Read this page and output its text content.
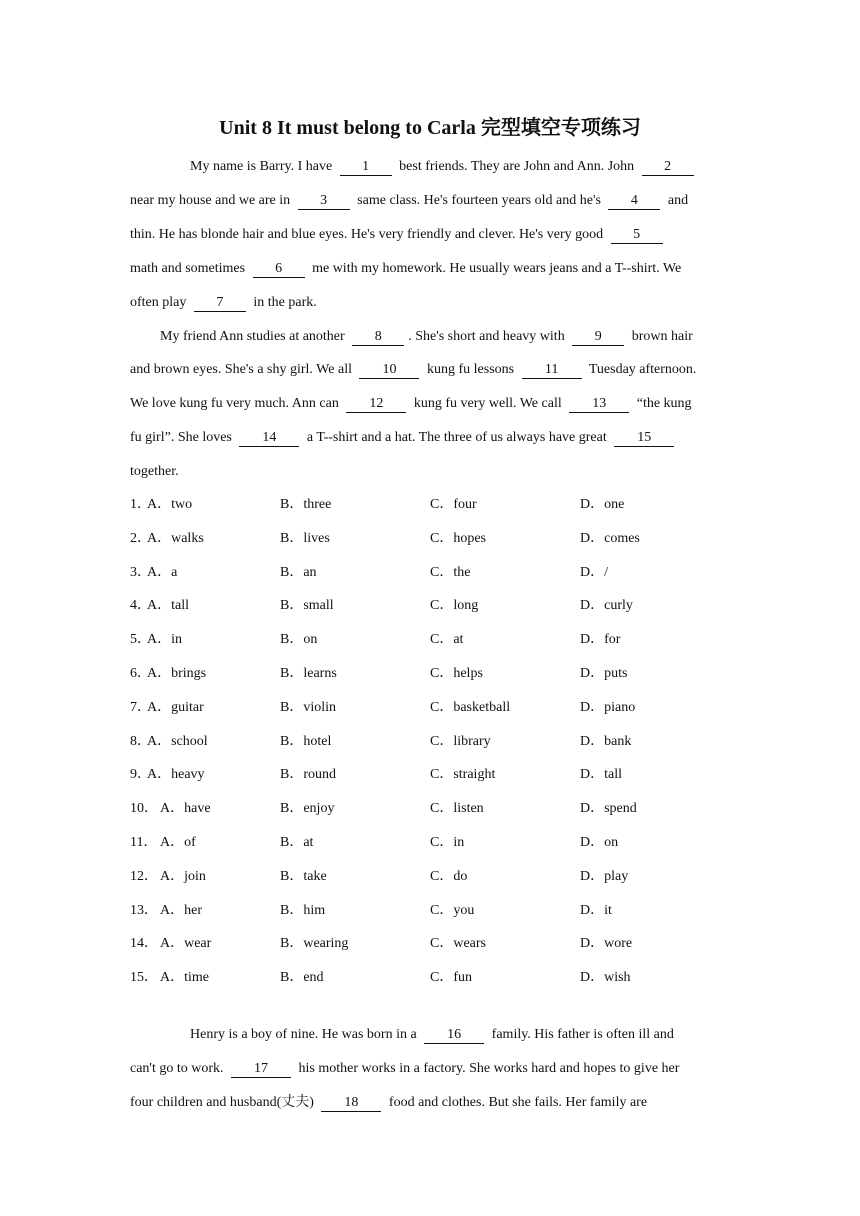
Unit 8 It must belong to Carla 完型填空专项练习
My name is Barry. I have 1 best friends. They are John and Ann. John 2
near my house and we are in 3 same class. He's fourteen years old and he's 4 and
thin. He has blonde hair and blue eyes. He's very friendly and clever. He's very good 5
math and sometimes 6 me with my homework. He usually wears jeans and a T--shirt. We
often play 7 in the park.
My friend Ann studies at another 8 . She's short and heavy with 9 brown hair
and brown eyes. She's a shy girl. We all 10 kung fu lessons 11 Tuesday afternoon.
We love kung fu very much. Ann can 12 kung fu very well. We call 13 “the kung
fu girl”. She loves 14 a T--shirt and a hat. The three of us always have great 15
together.
1．
A．two	B．three	C．four	D．one
2．
A．walks	B．lives	C．hopes	D．comes
3．
A．a	B．an	C．the	D．/
4．
A．tall	B．small	C．long	D．curly
5．
A．in	B．on	C．at	D．for
6．
A．brings	B．learns	C．helps	D．puts
7．
A．guitar	B．violin	C．basketball	D．piano
8．
A．school	B．hotel	C．library	D．bank
9．
A．heavy	B．round	C．straight	D．tall
10． A．have	B．enjoy	C．listen	D．spend
11． A．of	B．at	C．in	D．on
12． A．join	B．take	C．do	D．play
13． A．her	B．him	C．you	D．it
14． A．wear	B．wearing	C．wears	D．wore
15． A．time	B．end	C．fun	D．wish
Henry is a boy of nine. He was born in a 16 family. His father is often ill and
can't go to work. 17 his mother works in a factory. She works hard and hopes to give her
four children and husband(丈夫) 18 food and clothes. But she fails. Her family are
